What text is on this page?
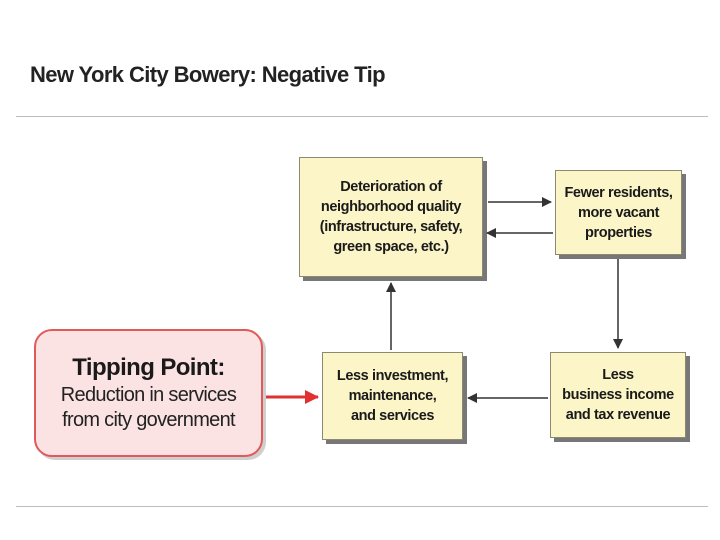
New York City Bowery: Negative Tip
Deterioration of
neighborhood quality
(infrastructure, safety,
green space, etc.)
Fewer residents,
more vacant
properties
Less investment,
maintenance,
and services
Less
business income
and tax revenue
Tipping Point:
Reduction in services
from city government
